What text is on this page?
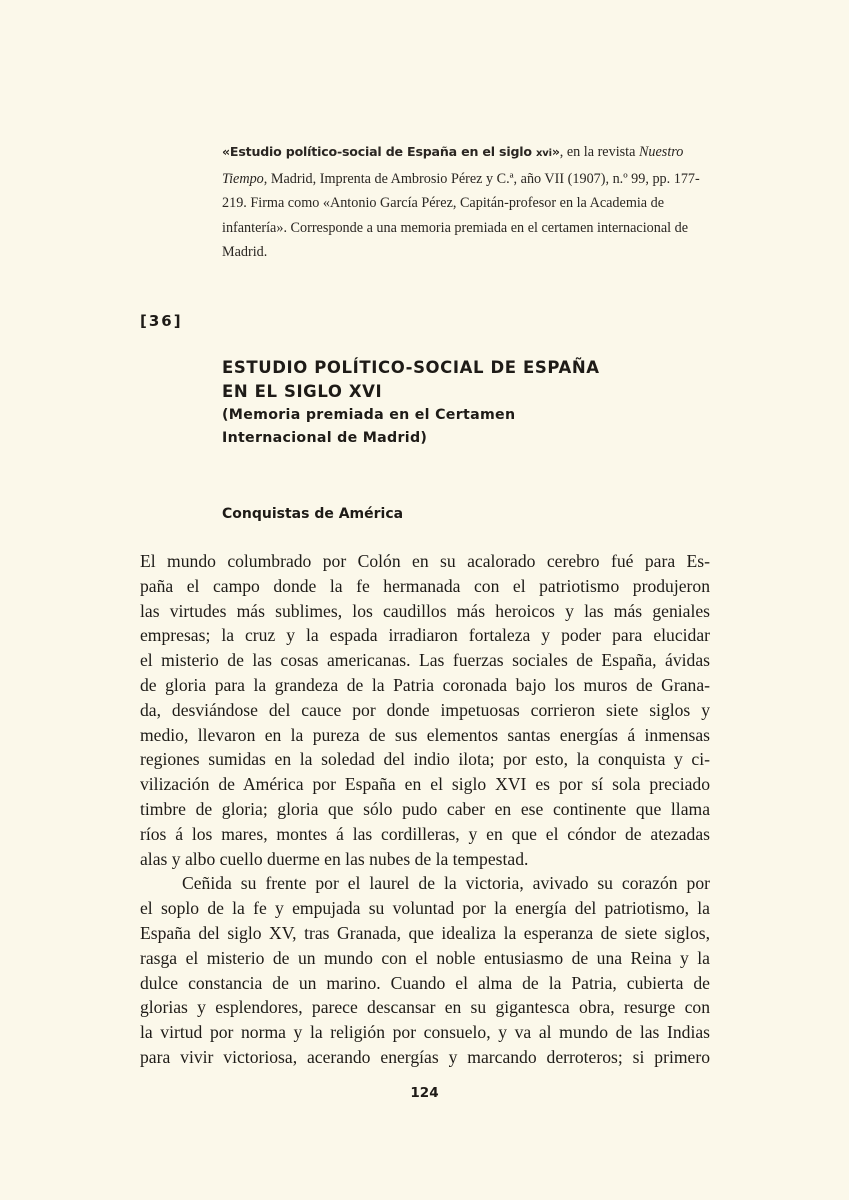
«Estudio político-social de España en el siglo xvi», en la revista Nuestro Tiempo, Madrid, Imprenta de Ambrosio Pérez y C.ª, año VII (1907), n.º 99, pp. 177-219. Firma como «Antonio García Pérez, Capitán-profesor en la Academia de infantería». Corresponde a una memoria premiada en el certamen internacional de Madrid.
[36]
ESTUDIO POLÍTICO-SOCIAL DE ESPAÑA
EN EL SIGLO XVI
(Memoria premiada en el Certamen
Internacional de Madrid)
Conquistas de América

El mundo columbrado por Colón en su acalorado cerebro fué para Es-
paña el campo donde la fe hermanada con el patriotismo produjeron
las virtudes más sublimes, los caudillos más heroicos y las más geniales
empresas; la cruz y la espada irradiaron fortaleza y poder para elucidar
el misterio de las cosas americanas. Las fuerzas sociales de España, ávidas
de gloria para la grandeza de la Patria coronada bajo los muros de Grana-
da, desviándose del cauce por donde impetuosas corrieron siete siglos y
medio, llevaron en la pureza de sus elementos santas energías á inmensas
regiones sumidas en la soledad del indio ilota; por esto, la conquista y ci-
vilización de América por España en el siglo XVI es por sí sola preciado
timbre de gloria; gloria que sólo pudo caber en ese continente que llama
ríos á los mares, montes á las cordilleras, y en que el cóndor de atezadas
alas y albo cuello duerme en las nubes de la tempestad.

Ceñida su frente por el laurel de la victoria, avivado su corazón por
el soplo de la fe y empujada su voluntad por la energía del patriotismo, la
España del siglo XV, tras Granada, que idealiza la esperanza de siete siglos,
rasga el misterio de un mundo con el noble entusiasmo de una Reina y la
dulce constancia de un marino. Cuando el alma de la Patria, cubierta de
glorias y esplendores, parece descansar en su gigantesca obra, resurge con
la virtud por norma y la religión por consuelo, y va al mundo de las Indias
para vivir victoriosa, acerando energías y marcando derroteros; si primero

124
